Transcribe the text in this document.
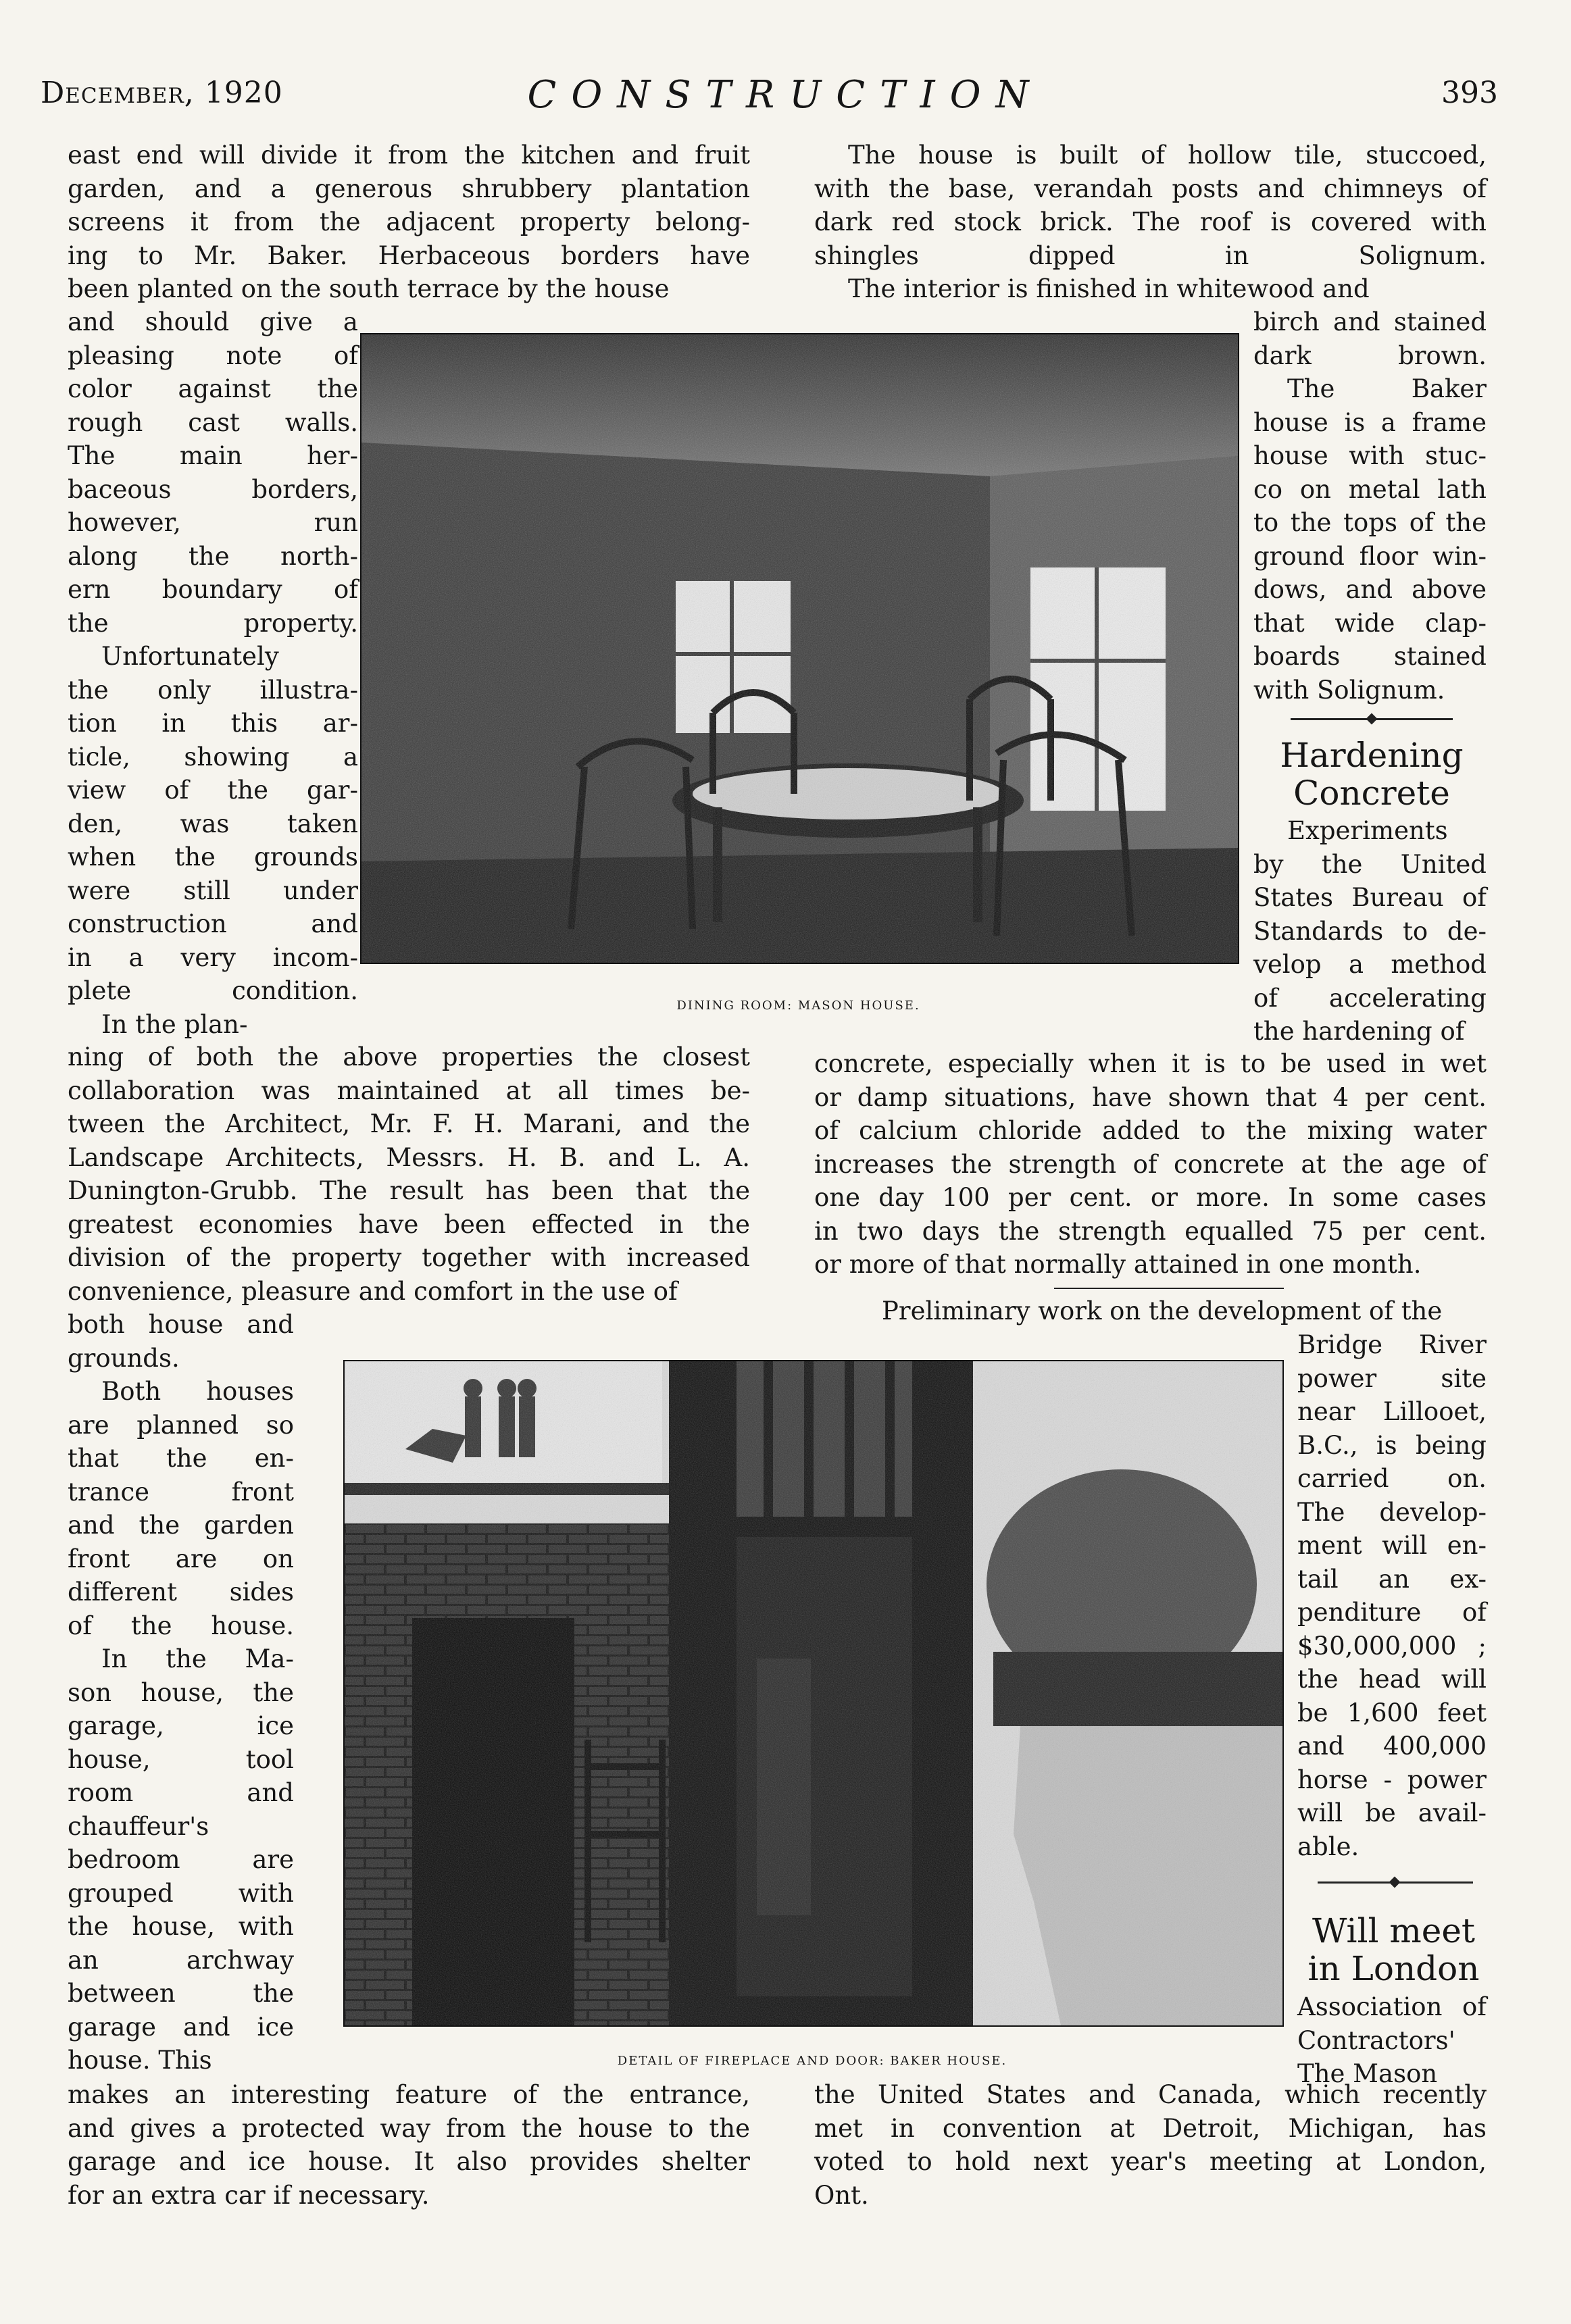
December, 1920	CONSTRUCTION	393
east end will divide it from the kitchen and fruit
garden, and a generous shrubbery plantation
screens it from the adjacent property belong-
ing to Mr. Baker. Herbaceous borders have
been planted on the south terrace by the house
and should give a
pleasing note of
color against the
rough cast walls.
The main her-
baceous borders,
however, run
along the north-
ern boundary of
the property.
Unfortunately
the only illustra-
tion in this ar-
ticle, showing a
view of the gar-
den, was taken
when the grounds
were still under
construction and
in a very incom-
plete condition.
In the plan-
ning of both the above properties the closest
collaboration was maintained at all times be-
tween the Architect, Mr. F. H. Marani, and the
Landscape Architects, Messrs. H. B. and L. A.
Dunington-Grubb. The result has been that the
greatest economies have been effected in the
division of the property together with increased
convenience, pleasure and comfort in the use of
both house and
grounds.
Both houses
are planned so
that the en-
trance front
and the garden
front are on
different sides
of the house.
In the Ma-
son house, the
garage, ice
house, tool
room and
chauffeur's
bedroom are
grouped with
the house, with
an archway
between the
garage and ice
house. This
makes an interesting feature of the entrance,
and gives a protected way from the house to the
garage and ice house. It also provides shelter
for an extra car if necessary.
The house is built of hollow tile, stuccoed,
with the base, verandah posts and chimneys of
dark red stock brick. The roof is covered with
shingles dipped in Solignum.
The interior is finished in whitewood and
birch and stained
dark brown.
The Baker
house is a frame
house with stuc-
co on metal lath
to the tops of the
ground floor win-
dows, and above
that wide clap-
boards stained
with Solignum.
Hardening
Concrete
Experiments
by the United
States Bureau of
Standards to de-
velop a method
of accelerating
the hardening of
concrete, especially when it is to be used in wet
or damp situations, have shown that 4 per cent.
of calcium chloride added to the mixing water
increases the strength of concrete at the age of
one day 100 per cent. or more. In some cases
in two days the strength equalled 75 per cent.
or more of that normally attained in one month.
Preliminary work on the development of the
Bridge River
power site
near Lillooet,
B.C., is being
carried on.
The develop-
ment will en-
tail an ex-
penditure of
$30,000,000 ;
the head will
be 1,600 feet
and 400,000
horse - power
will be avail-
able.
Will meet
in London
Association of
Contractors'
The Mason
the United States and Canada, which recently
met in convention at Detroit, Michigan, has
voted to hold next year's meeting at London,
Ont.
DINING ROOM: MASON HOUSE.
DETAIL OF FIREPLACE AND DOOR: BAKER HOUSE.
